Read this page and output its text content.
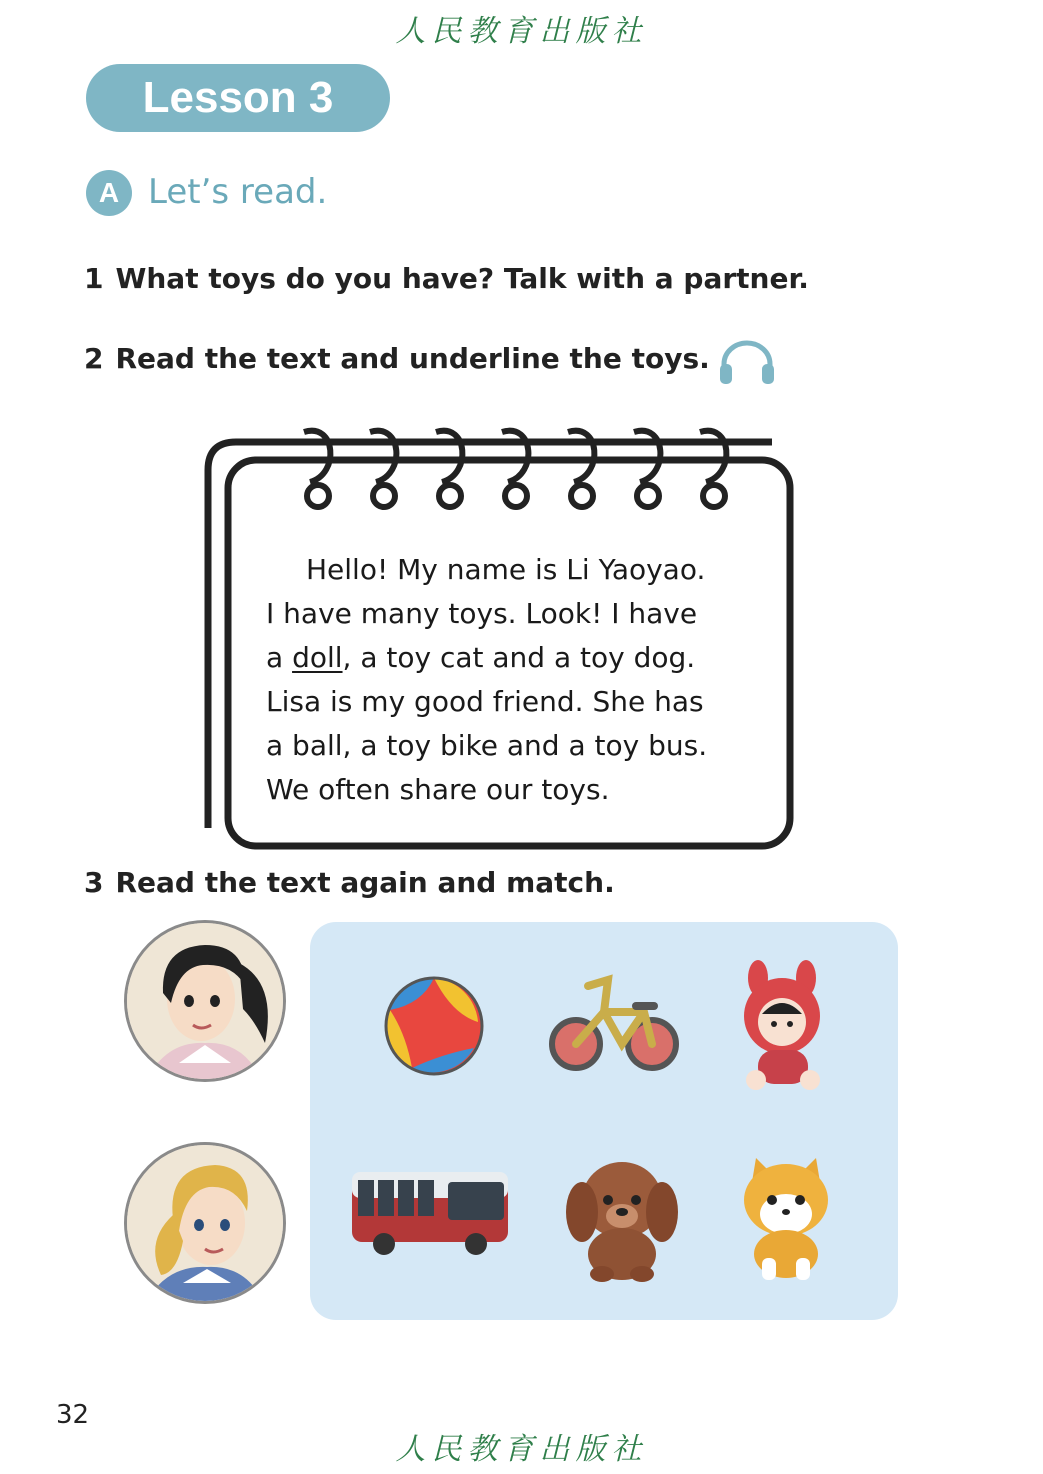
人民教育出版社
Lesson 3
A Let’s read.
1 What toys do you have? Talk with a partner.
2 Read the text and underline the toys.
Hello! My name is Li Yaoyao.
I have many toys. Look! I have
a doll, a toy cat and a toy dog.
Lisa is my good friend. She has
a ball, a toy bike and a toy bus.
We often share our toys.
3 Read the text again and match.
32
人民教育出版社
